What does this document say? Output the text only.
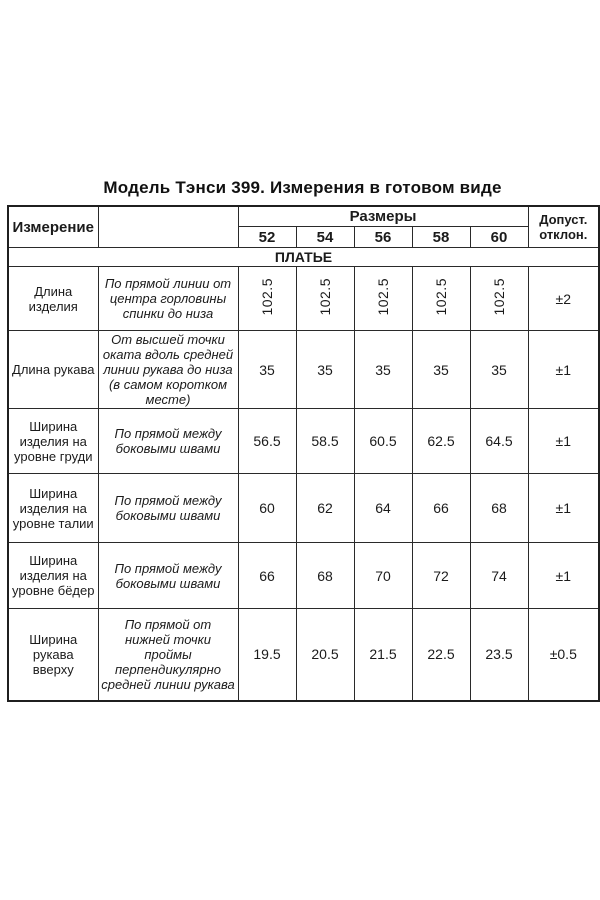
Модель Тэнси 399. Измерения в готовом виде
Измерение		Размеры					Допуст. отклон.
		52	54	56	58	60	
ПЛАТЬЕ							
Длина изделия	По прямой линии от центра горловины спинки до низа	102.5	102.5	102.5	102.5	102.5	±2
Длина рукава	От высшей точки оката вдоль средней линии рукава до низа (в самом коротком месте)	35	35	35	35	35	±1
Ширина изделия на уровне груди	По прямой между боковыми швами	56.5	58.5	60.5	62.5	64.5	±1
Ширина изделия на уровне талии	По прямой между боковыми швами	60	62	64	66	68	±1
Ширина изделия на уровне бёдер	По прямой между боковыми швами	66	68	70	72	74	±1
Ширина рукава вверху	По прямой от нижней точки проймы перпендикулярно средней линии рукава	19.5	20.5	21.5	22.5	23.5	±0.5
